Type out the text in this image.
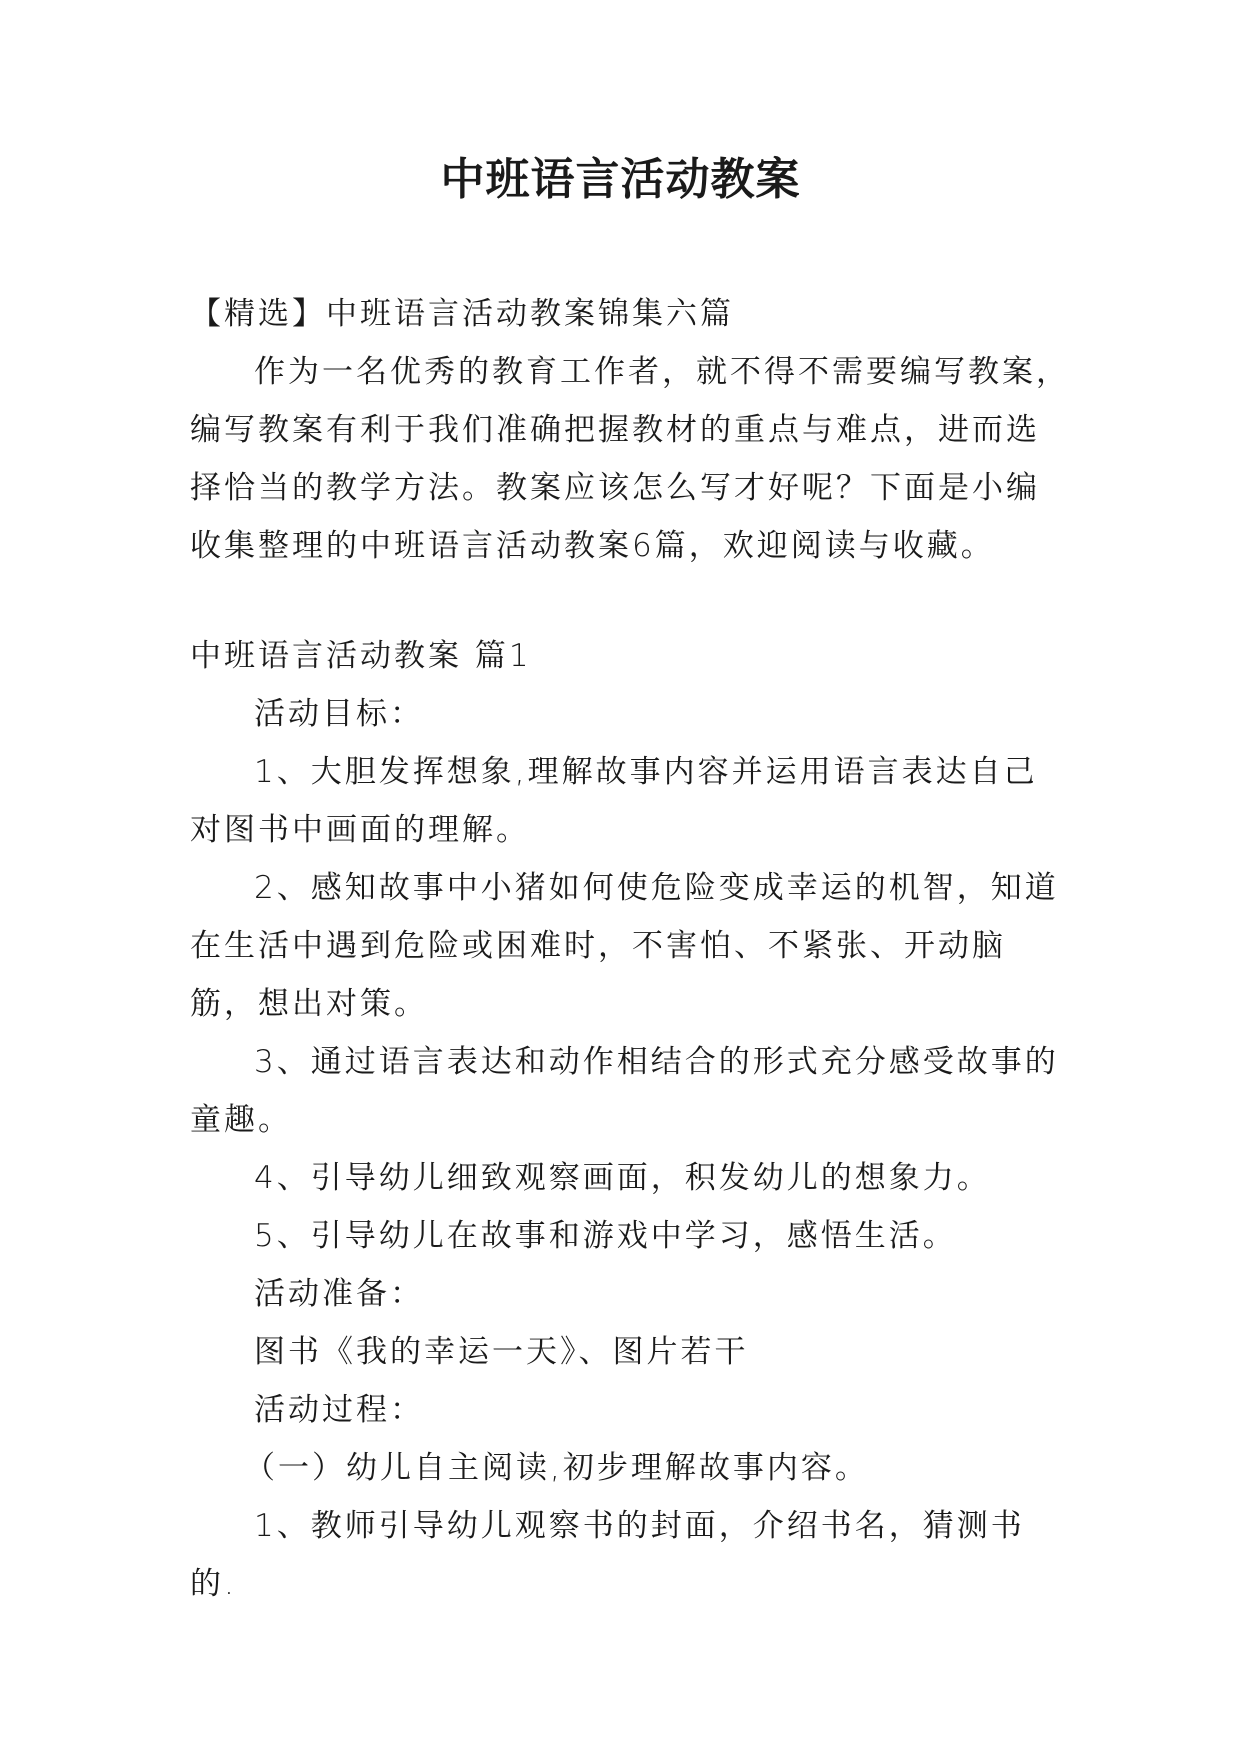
中班语言活动教案

【精选】中班语言活动教案锦集六篇

作为一名优秀的教育工作者，就不得不需要编写教案，编写教案有利于我们准确把握教材的重点与难点，进而选择恰当的教学方法。教案应该怎么写才好呢？下面是小编收集整理的中班语言活动教案6篇，欢迎阅读与收藏。

中班语言活动教案 篇1

活动目标：

1、大胆发挥想象,理解故事内容并运用语言表达自己对图书中画面的理解。

2、感知故事中小猪如何使危险变成幸运的机智，知道在生活中遇到危险或困难时，不害怕、不紧张、开动脑筋，想出对策。

3、通过语言表达和动作相结合的形式充分感受故事的童趣。

4、引导幼儿细致观察画面，积发幼儿的想象力。

5、引导幼儿在故事和游戏中学习，感悟生活。

活动准备：

图书《我的幸运一天》、图片若干

活动过程：

（一）幼儿自主阅读,初步理解故事内容。

1、教师引导幼儿观察书的封面，介绍书名，猜测书的.
